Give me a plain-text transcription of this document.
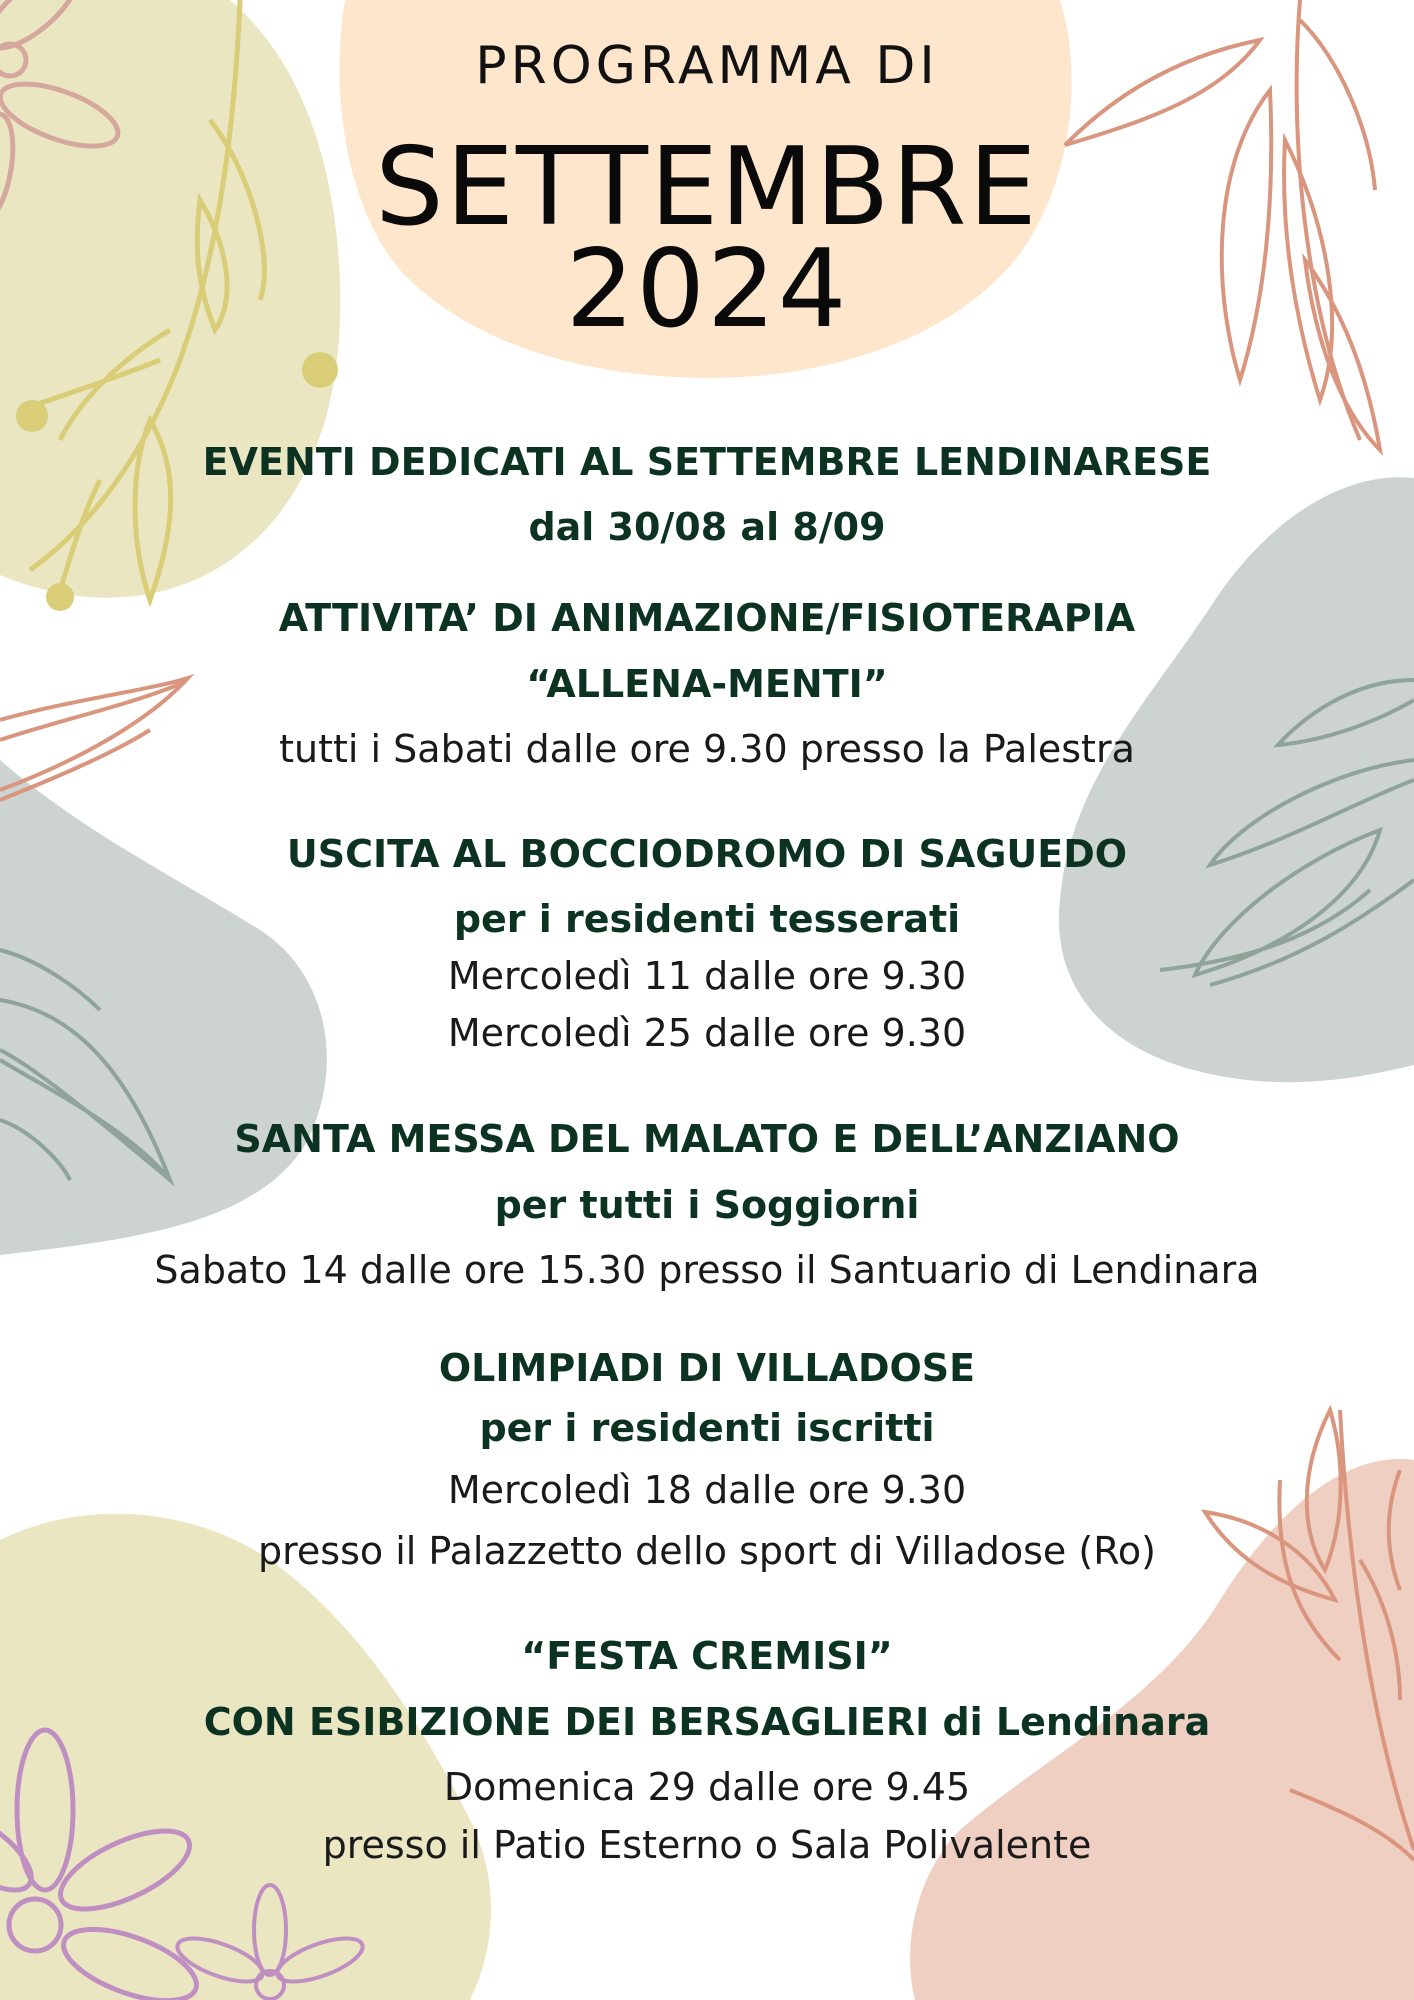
PROGRAMMA DI
SETTEMBRE
2024
EVENTI DEDICATI AL SETTEMBRE LENDINARESE
dal 30/08 al 8/09
ATTIVITA’ DI ANIMAZIONE/FISIOTERAPIA
“ALLENA-MENTI”
tutti i Sabati dalle ore 9.30 presso la Palestra
USCITA AL BOCCIODROMO DI SAGUEDO
per i residenti tesserati
Mercoledì 11 dalle ore 9.30
Mercoledì 25 dalle ore 9.30
SANTA MESSA DEL MALATO E DELL’ANZIANO
per tutti i Soggiorni
Sabato 14 dalle ore 15.30 presso il Santuario di Lendinara
OLIMPIADI DI VILLADOSE
per i residenti iscritti
Mercoledì 18 dalle ore 9.30
presso il Palazzetto dello sport di Villadose (Ro)
“FESTA CREMISI”
CON ESIBIZIONE DEI BERSAGLIERI di Lendinara
Domenica 29 dalle ore 9.45
presso il Patio Esterno o Sala Polivalente
